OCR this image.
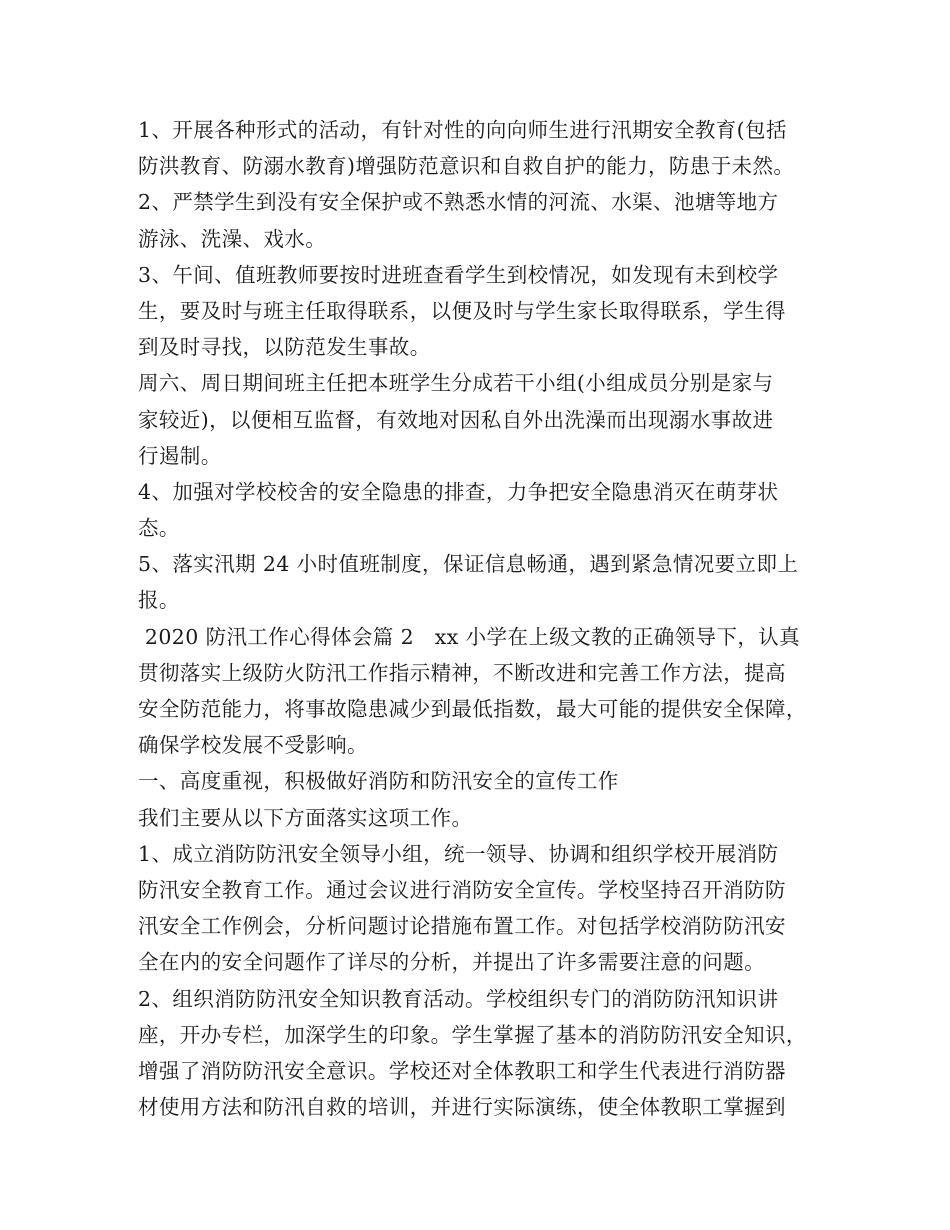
1、开展各种形式的活动，有针对性的向向师生进行汛期安全教育(包括
防洪教育、防溺水教育)增强防范意识和自救自护的能力，防患于未然。
2、严禁学生到没有安全保护或不熟悉水情的河流、水渠、池塘等地方
游泳、洗澡、戏水。
3、午间、值班教师要按时进班查看学生到校情况，如发现有未到校学
生，要及时与班主任取得联系，以便及时与学生家长取得联系，学生得
到及时寻找，以防范发生事故。
周六、周日期间班主任把本班学生分成若干小组(小组成员分别是家与
家较近)，以便相互监督，有效地对因私自外出洗澡而出现溺水事故进
行遏制。
4、加强对学校校舍的安全隐患的排查，力争把安全隐患消灭在萌芽状
态。
5、落实汛期 24 小时值班制度，保证信息畅通，遇到紧急情况要立即上
报。
2020 防汛工作心得体会篇 2   xx 小学在上级文教的正确领导下，认真
贯彻落实上级防火防汛工作指示精神，不断改进和完善工作方法，提高
安全防范能力，将事故隐患减少到最低指数，最大可能的提供安全保障，
确保学校发展不受影响。
一、高度重视，积极做好消防和防汛安全的宣传工作
我们主要从以下方面落实这项工作。
1、成立消防防汛安全领导小组，统一领导、协调和组织学校开展消防
防汛安全教育工作。通过会议进行消防安全宣传。学校坚持召开消防防
汛安全工作例会，分析问题讨论措施布置工作。对包括学校消防防汛安
全在内的安全问题作了详尽的分析，并提出了许多需要注意的问题。
2、组织消防防汛安全知识教育活动。学校组织专门的消防防汛知识讲
座，开办专栏，加深学生的印象。学生掌握了基本的消防防汛安全知识，
增强了消防防汛安全意识。学校还对全体教职工和学生代表进行消防器
材使用方法和防汛自救的培训，并进行实际演练，使全体教职工掌握到
